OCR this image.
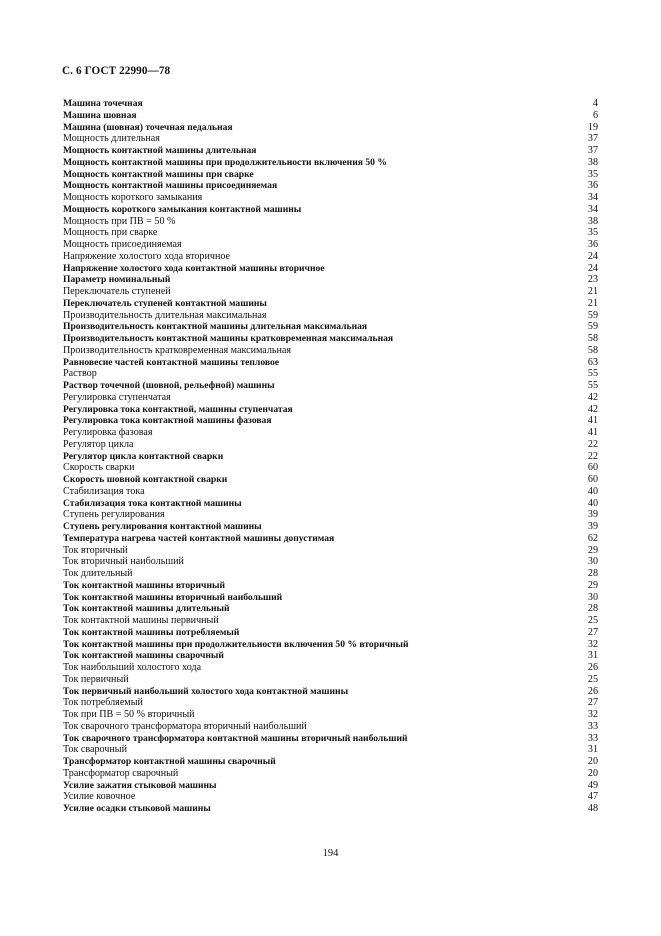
С. 6 ГОСТ 22990—78
Машина точечная	4
Машина шовная	6
Машина (шовная) точечная педальная	19
Мощность длительная	37
Мощность контактной машины длительная	37
Мощность контактной машины при продолжительности включения 50 %	38
Мощность контактной машины при сварке	35
Мощность контактной машины присоединяемая	36
Мощность короткого замыкания	34
Мощность короткого замыкания контактной машины	34
Мощность при ПВ = 50 %	38
Мощность при сварке	35
Мощность присоединяемая	36
Напряжение холостого хода вторичное	24
Напряжение холостого хода контактной машины вторичное	24
Параметр номинальный	23
Переключатель ступеней	21
Переключатель ступеней контактной машины	21
Производительность длительная максимальная	59
Производительность контактной машины длительная максимальная	59
Производительность контактной машины кратковременная максимальная	58
Производительность кратковременная максимальная	58
Равновесие частей контактной машины тепловое	63
Раствор	55
Раствор точечной (шовной, рельефной) машины	55
Регулировка ступенчатая	42
Регулировка тока контактной, машины ступенчатая	42
Регулировка тока контактной машины фазовая	41
Регулировка фазовая	41
Регулятор цикла	22
Регулятор цикла контактной сварки	22
Скорость сварки	60
Скорость шовной контактной сварки	60
Стабилизация тока	40
Стабилизация тока контактной машины	40
Ступень регулирования	39
Ступень регулирования контактной машины	39
Температура нагрева частей контактной машины допустимая	62
Ток вторичный	29
Ток вторичный наибольший	30
Ток длительный	28
Ток контактной машины вторичный	29
Ток контактной машины вторичный наибольший	30
Ток контактной машины длительный	28
Ток контактной машины первичный	25
Ток контактной машины потребляемый	27
Ток контактной машины при продолжительности включения 50 % вторичный	32
Ток контактной машины сварочный	31
Ток наибольший холостого хода	26
Ток первичный	25
Ток первичный наибольший холостого хода контактной машины	26
Ток потребляемый	27
Ток при ПВ = 50 % вторичный	32
Ток сварочного трансформатора вторичный наибольший	33
Ток сварочного трансформатора контактной машины вторичный наибольший	33
Ток сварочный	31
Трансформатор контактной машины сварочный	20
Трансформатор сварочный	20
Усилие зажатия стыковой машины	49
Усилие ковочное	47
Усилие осадки стыковой машины	48
194
